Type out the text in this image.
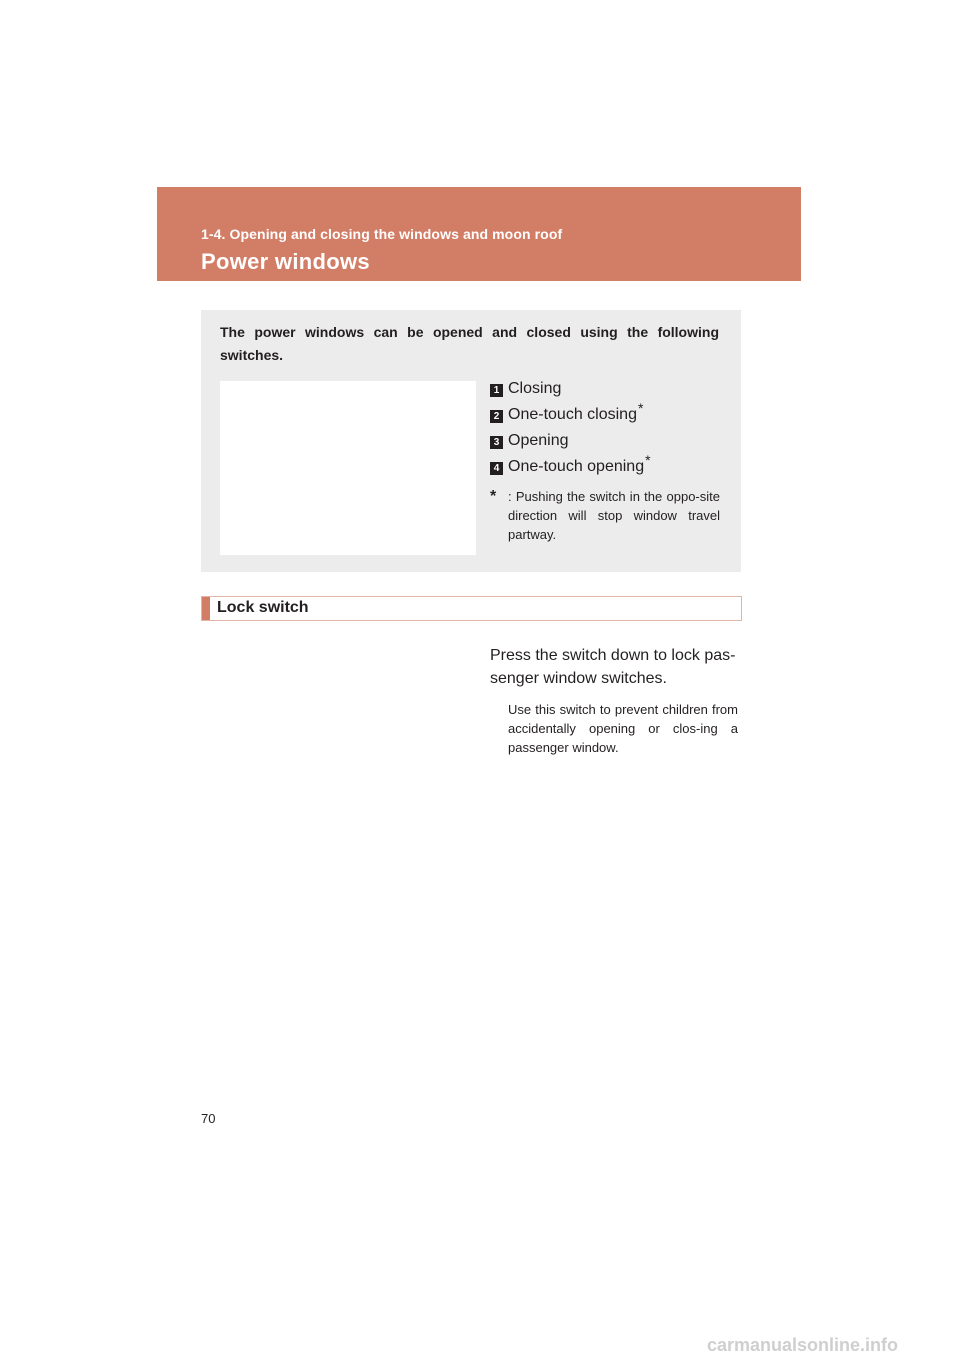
1-4. Opening and closing the windows and moon roof
Power windows
The power windows can be opened and closed using the following switches.
1 Closing
2 One-touch closing*
3 Opening
4 One-touch opening*
* : Pushing the switch in the oppo-site direction will stop window travel partway.
Lock switch
Press the switch down to lock pas-senger window switches.
Use this switch to prevent children from accidentally opening or clos-ing a passenger window.
70
carmanualsonline.info
